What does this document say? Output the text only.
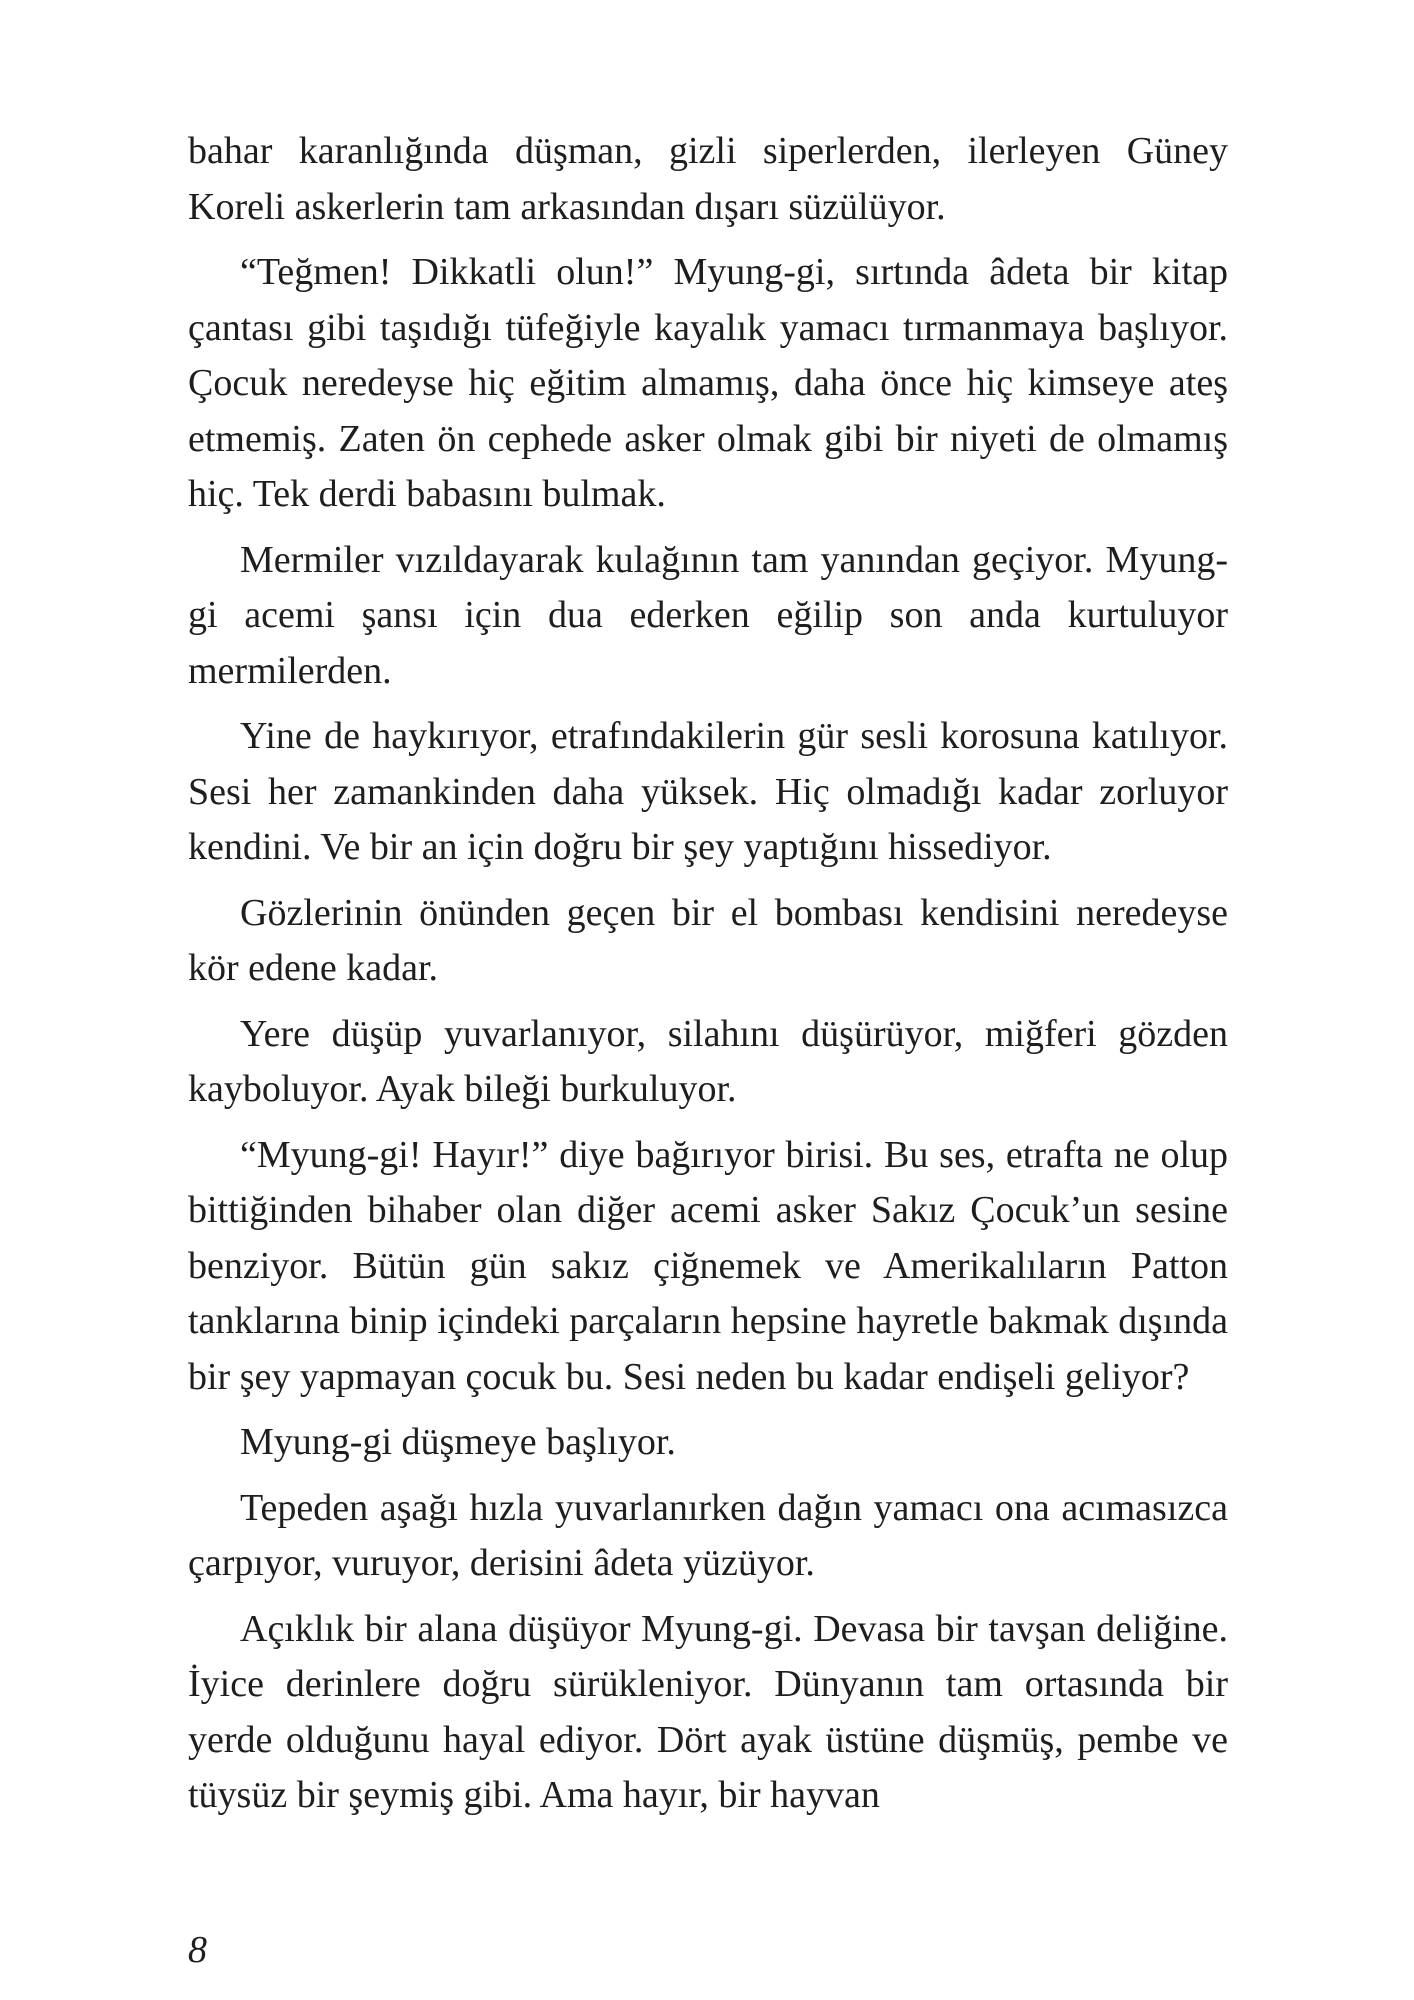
bahar karanlığında düşman, gizli siperlerden, ilerleyen Güney Koreli askerlerin tam arkasından dışarı süzülüyor.

“Teğmen! Dikkatli olun!” Myung-gi, sırtında âdeta bir kitap çantası gibi taşıdığı tüfeğiyle kayalık yamacı tırmanmaya başlıyor. Çocuk neredeyse hiç eğitim almamış, daha önce hiç kimseye ateş etmemiş. Zaten ön cephede asker olmak gibi bir niyeti de olmamış hiç. Tek derdi babasını bulmak.

Mermiler vızıldayarak kulağının tam yanından geçiyor. Myung-gi acemi şansı için dua ederken eğilip son anda kurtuluyor mermilerden.

Yine de haykırıyor, etrafındakilerin gür sesli korosuna katılıyor. Sesi her zamankinden daha yüksek. Hiç olmadığı kadar zorluyor kendini. Ve bir an için doğru bir şey yaptığını hissediyor.

Gözlerinin önünden geçen bir el bombası kendisini neredeyse kör edene kadar.

Yere düşüp yuvarlanıyor, silahını düşürüyor, miğferi gözden kayboluyor. Ayak bileği burkuluyor.

“Myung-gi! Hayır!” diye bağırıyor birisi. Bu ses, etrafta ne olup bittiğinden bihaber olan diğer acemi asker Sakız Çocuk’un sesine benziyor. Bütün gün sakız çiğnemek ve Amerikalıların Patton tanklarına binip içindeki parçaların hepsine hayretle bakmak dışında bir şey yapmayan çocuk bu. Sesi neden bu kadar endişeli geliyor?

Myung-gi düşmeye başlıyor.

Tepeden aşağı hızla yuvarlanırken dağın yamacı ona acımasızca çarpıyor, vuruyor, derisini âdeta yüzüyor.

Açıklık bir alana düşüyor Myung-gi. Devasa bir tavşan deliğine. İyice derinlere doğru sürükleniyor. Dünyanın tam ortasında bir yerde olduğunu hayal ediyor. Dört ayak üstüne düşmüş, pembe ve tüysüz bir şeymiş gibi. Ama hayır, bir hayvan

8
